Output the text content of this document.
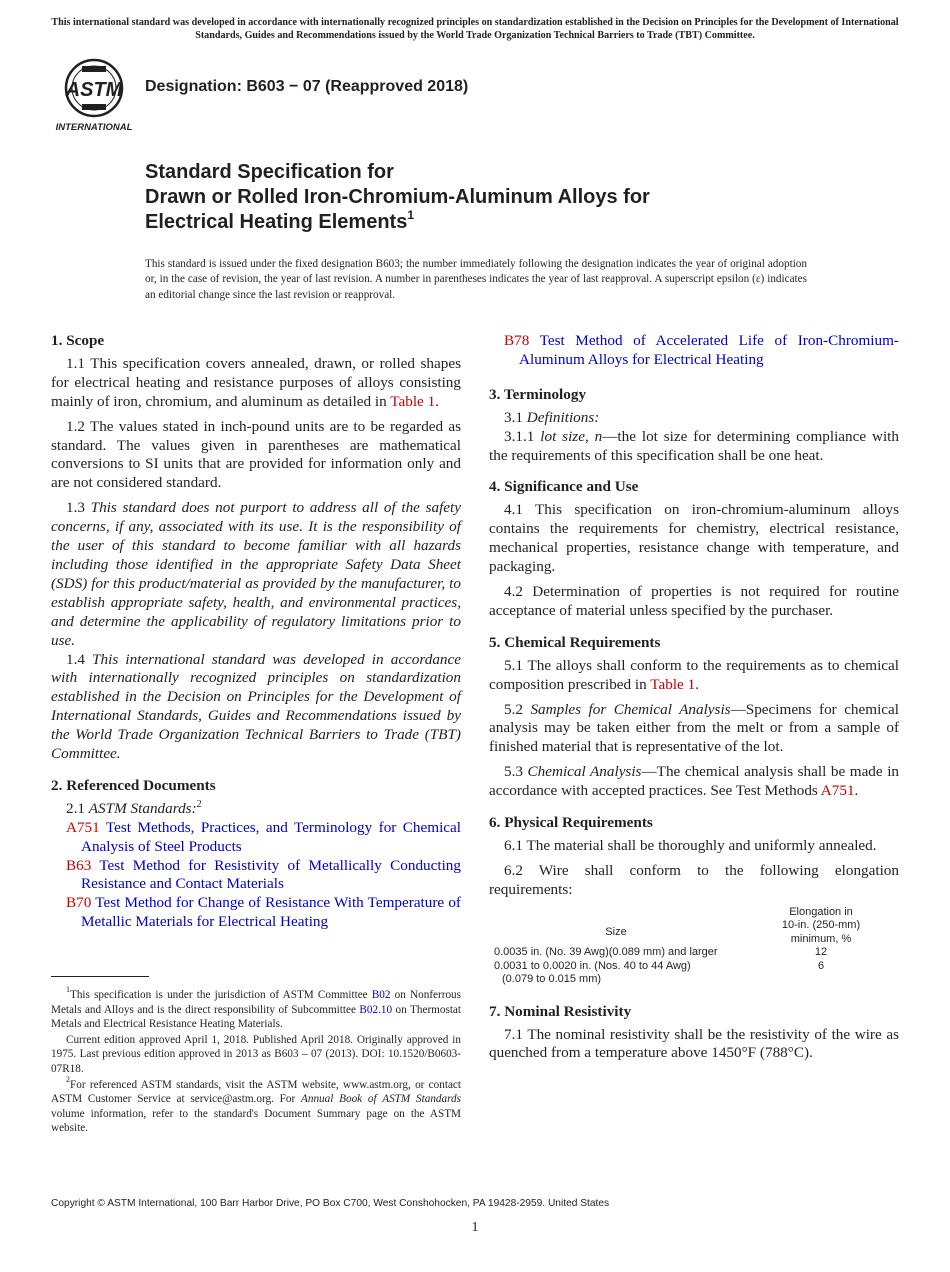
This international standard was developed in accordance with internationally recognized principles on standardization established in the Decision on Principles for the Development of International Standards, Guides and Recommendations issued by the World Trade Organization Technical Barriers to Trade (TBT) Committee.
ASTM
INTERNATIONAL
Designation: B603 − 07 (Reapproved 2018)
Standard Specification for
Drawn or Rolled Iron-Chromium-Aluminum Alloys for
Electrical Heating Elements$^1$
This standard is issued under the fixed designation B603; the number immediately following the designation indicates the year of original adoption or, in the case of revision, the year of last revision. A number in parentheses indicates the year of last reapproval. A superscript epsilon (ε) indicates an editorial change since the last revision or reapproval.
1. Scope

1.1 This specification covers annealed, drawn, or rolled shapes for electrical heating and resistance purposes of alloys consisting mainly of iron, chromium, and aluminum as detailed in Table 1.

1.2 The values stated in inch-pound units are to be regarded as standard. The values given in parentheses are mathematical conversions to SI units that are provided for information only and are not considered standard.

1.3 This standard does not purport to address all of the safety concerns, if any, associated with its use. It is the responsibility of the user of this standard to become familiar with all hazards including those identified in the appropriate Safety Data Sheet (SDS) for this product/material as provided by the manufacturer, to establish appropriate safety, health, and environmental practices, and determine the applicability of regulatory limitations prior to use.

1.4 This international standard was developed in accordance with internationally recognized principles on standardization established in the Decision on Principles for the Development of International Standards, Guides and Recommendations issued by the World Trade Organization Technical Barriers to Trade (TBT) Committee.

2. Referenced Documents

2.1 ASTM Standards:$^2$

A751 Test Methods, Practices, and Terminology for Chemical Analysis of Steel Products

B63 Test Method for Resistivity of Metallically Conducting Resistance and Contact Materials

B70 Test Method for Change of Resistance With Temperature of Metallic Materials for Electrical Heating

$^1$This specification is under the jurisdiction of ASTM Committee B02 on Nonferrous Metals and Alloys and is the direct responsibility of Subcommittee B02.10 on Thermostat Metals and Electrical Resistance Heating Materials.

Current edition approved April 1, 2018. Published April 2018. Originally approved in 1975. Last previous edition approved in 2013 as B603 – 07 (2013). DOI: 10.1520/B0603-07R18.

$^2$For referenced ASTM standards, visit the ASTM website, www.astm.org, or contact ASTM Customer Service at service@astm.org. For Annual Book of ASTM Standards volume information, refer to the standard's Document Summary page on the ASTM website.

B78 Test Method of Accelerated Life of Iron-Chromium-Aluminum Alloys for Electrical Heating

3. Terminology

3.1 Definitions:

3.1.1 lot size, n—the lot size for determining compliance with the requirements of this specification shall be one heat.

4. Significance and Use

4.1 This specification on iron-chromium-aluminum alloys contains the requirements for chemistry, electrical resistance, mechanical properties, resistance change with temperature, and packaging.

4.2 Determination of properties is not required for routine acceptance of material unless specified by the purchaser.

5. Chemical Requirements

5.1 The alloys shall conform to the requirements as to chemical composition prescribed in Table 1.

5.2 Samples for Chemical Analysis—Specimens for chemical analysis may be taken either from the melt or from a sample of finished material that is representative of the lot.

5.3 Chemical Analysis—The chemical analysis shall be made in accordance with accepted practices. See Test Methods A751.

6. Physical Requirements

6.1 The material shall be thoroughly and uniformly annealed.

6.2 Wire shall conform to the following elongation requirements:

Size	Elongation in
10-in. (250-mm)
minimum, %

0.0035 in. (No. 39 Awg)(0.089 mm) and larger	12

0.0031 to 0.0020 in. (Nos. 40 to 44 Awg)
(0.079 to 0.015 mm)	6
7. Nominal Resistivity

7.1 The nominal resistivity shall be the resistivity of the wire as quenched from a temperature above 1450°F (788°C).

Copyright © ASTM International, 100 Barr Harbor Drive, PO Box C700, West Conshohocken, PA 19428-2959. United States
1
